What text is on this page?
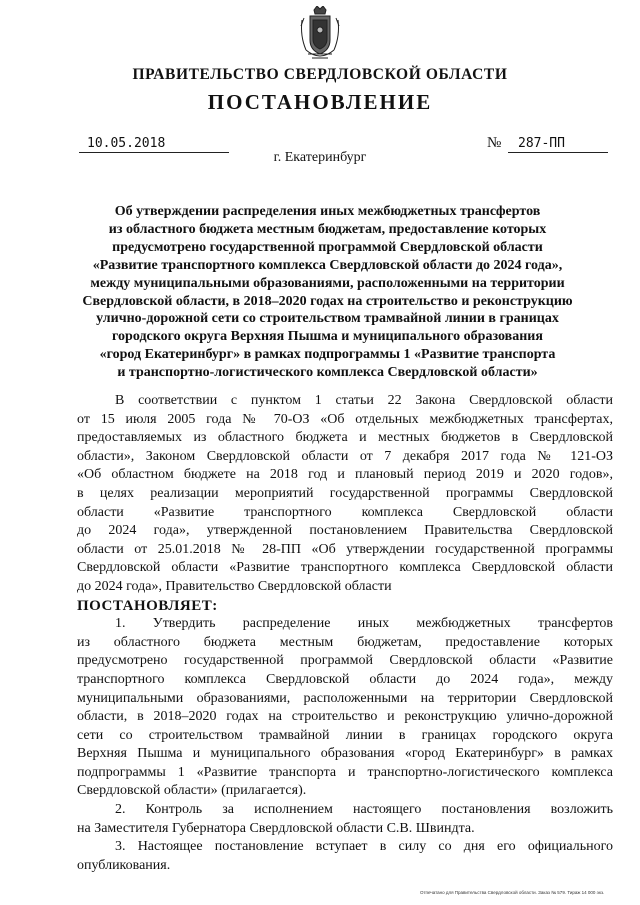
ПРАВИТЕЛЬСТВО СВЕРДЛОВСКОЙ ОБЛАСТИ
ПОСТАНОВЛЕНИЕ
10.05.2018	№	287-ПП
г. Екатеринбург
Об утверждении распределения иных межбюджетных трансфертов
из областного бюджета местным бюджетам, предоставление которых
предусмотрено государственной программой Свердловской области
«Развитие транспортного комплекса Свердловской области до 2024 года»,
между муниципальными образованиями, расположенными на территории
Свердловской области, в 2018–2020 годах на строительство и реконструкцию
улично-дорожной сети со строительством трамвайной линии в границах
городского округа Верхняя Пышма и муниципального образования
«город Екатеринбург» в рамках подпрограммы 1 «Развитие транспорта
и транспортно-логистического комплекса Свердловской области»
В соответствии с пунктом 1 статьи 22 Закона Свердловской области
от 15 июля 2005 года № 70-ОЗ «Об отдельных межбюджетных трансфертах,
предоставляемых из областного бюджета и местных бюджетов в Свердловской
области», Законом Свердловской области от 7 декабря 2017 года № 121-ОЗ
«Об областном бюджете на 2018 год и плановый период 2019 и 2020 годов»,
в целях реализации мероприятий государственной программы Свердловской
области «Развитие транспортного комплекса Свердловской области
до 2024 года», утвержденной постановлением Правительства Свердловской
области от 25.01.2018 № 28-ПП «Об утверждении государственной программы
Свердловской области «Развитие транспортного комплекса Свердловской области
до 2024 года», Правительство Свердловской области
ПОСТАНОВЛЯЕТ:
1. Утвердить распределение иных межбюджетных трансфертов
из областного бюджета местным бюджетам, предоставление которых
предусмотрено государственной программой Свердловской области «Развитие
транспортного комплекса Свердловской области до 2024 года», между
муниципальными образованиями, расположенными на территории Свердловской
области, в 2018–2020 годах на строительство и реконструкцию улично-дорожной
сети со строительством трамвайной линии в границах городского округа
Верхняя Пышма и муниципального образования «город Екатеринбург» в рамках
подпрограммы 1 «Развитие транспорта и транспортно-логистического комплекса
Свердловской области» (прилагается).
2. Контроль за исполнением настоящего постановления возложить
на Заместителя Губернатора Свердловской области С.В. Швиндта.
3. Настоящее постановление вступает в силу со дня его официального
опубликования.
Отпечатано для Правительства Свердловской области. Заказ № 579. Тираж 14 000 экз.
